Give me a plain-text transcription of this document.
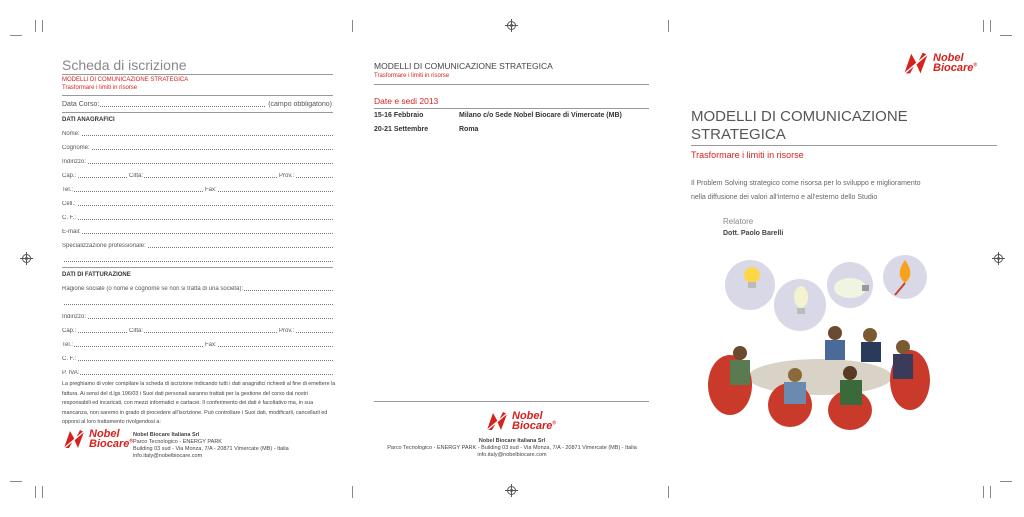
Scheda di iscrizione
MODELLI DI COMUNICAZIONE STRATEGICA
Trasformare i limiti in risorse
Data Corso:	(campo obbligatorio)
DATI ANAGRAFICI
Nome:
Cognome:
Indirizzo:
Cap.:	Città:	Prov.:
Tel.:	Fax:
Cell.:
C. F.:
E-mail:
Specializzazione professionale:
DATI DI FATTURAZIONE
Ragione sociale (o nome e cognome se non si tratta di una società):
Indirizzo:
Cap.:	Città:	Prov.:
Tel.:	Fax:
C. F.:
P. IVA:
La preghiamo di voler compilare la scheda di iscrizione indicando tutti i dati anagrafici richiesti al fine di emettere la fattura. Ai sensi del d.lgs 196/03 i Suoi dati personali saranno trattati per la gestione del corso dai nostri responsabili ed incaricati, con mezzi informatici e cartacei. Il conferimento dei dati è facoltativo ma, in sua mancanza, non saremo in grado di procedere all'iscrizione. Può controllare i Suoi dati, modificarli, cancellarli ed opporsi al loro trattamento rivolgendosi a:
Nobel
Biocare®
Nobel Biocare Italiana Srl
Parco Tecnologico - ENERGY PARK
Building 03 sud - Via Monza, 7/A - 20871 Vimercate (MB) - Italia
info.italy@nobelbiocare.com
MODELLI DI COMUNICAZIONE STRATEGICA
Trasformare i limiti in risorse
Date e sedi 2013
15-16 Febbraio	Milano c/o Sede Nobel Biocare di Vimercate (MB)
20-21 Settembre	Roma
Nobel
Biocare®
Nobel Biocare Italiana Srl
Parco Tecnologico - ENERGY PARK - Building 03 sud - Via Monza, 7/A - 20871 Vimercate (MB) - Italia
info.italy@nobelbiocare.com
Nobel
Biocare®
MODELLI DI COMUNICAZIONE
STRATEGICA
Trasformare i limiti in risorse
Il Problem Solving strategico come risorsa per lo sviluppo e miglioramento
nella diffusione dei valori all'interno e all'esterno dello Studio
Relatore
Dott. Paolo Barelli
